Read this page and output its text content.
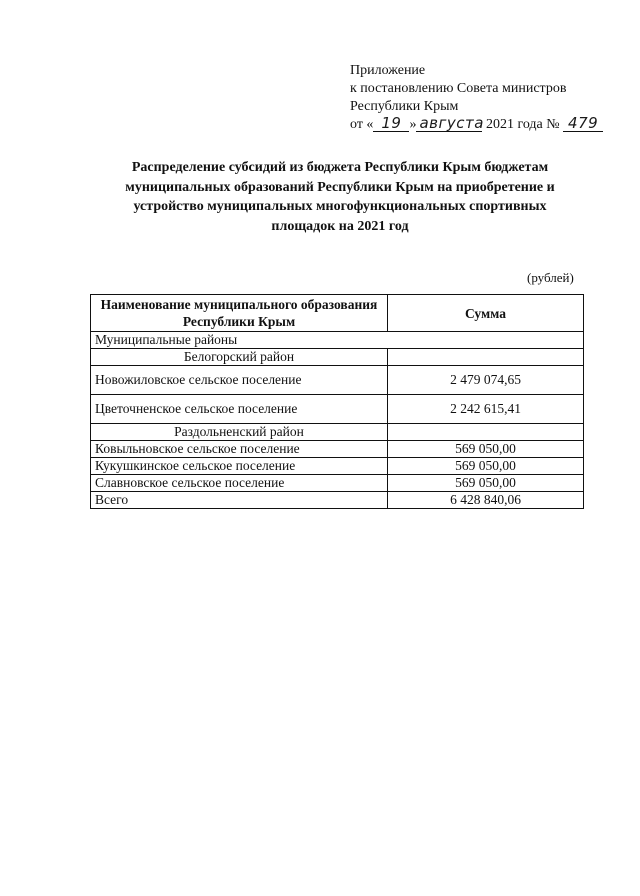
Приложение
к постановлению Совета министров
Республики Крым
от « 19 » августа 2021 года № 479
Распределение субсидий из бюджета Республики Крым бюджетам муниципальных образований Республики Крым на приобретение и устройство муниципальных многофункциональных спортивных площадок на 2021 год
(рублей)
Наименование муниципального образования Республики Крым	Сумма
Муниципальные районы	
Белогорский район	
Новожиловское сельское поселение	2 479 074,65
Цветочненское сельское поселение	2 242 615,41
Раздольненский район	
Ковыльновское сельское поселение	569 050,00
Кукушкинское сельское поселение	569 050,00
Славновское сельское поселение	569 050,00
Всего	6 428 840,06
